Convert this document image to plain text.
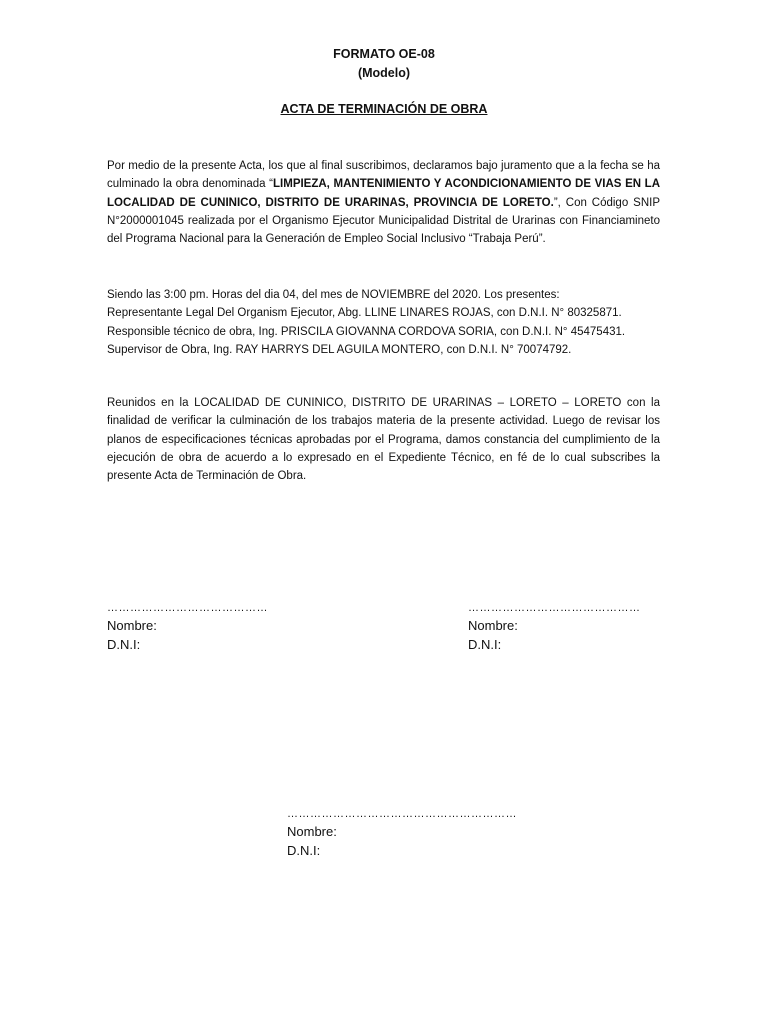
FORMATO OE-08
(Modelo)
ACTA DE TERMINACIÓN DE OBRA

Por medio de la presente Acta, los que al final suscribimos, declaramos bajo juramento que a la fecha se ha culminado la obra denominada “LIMPIEZA, MANTENIMIENTO Y ACONDICIONAMIENTO DE VIAS EN LA LOCALIDAD DE CUNINICO, DISTRITO DE URARINAS, PROVINCIA DE LORETO.”, Con Código SNIP N°2000001045 realizada por el Organismo Ejecutor Municipalidad Distrital de Urarinas con Financiamineto del Programa Nacional para la Generación de Empleo Social Inclusivo “Trabaja Perú”.

Siendo las 3:00 pm. Horas del dia 04, del mes de NOVIEMBRE del 2020. Los presentes:
Representante Legal Del Organism Ejecutor, Abg. LLINE LINARES ROJAS, con D.N.I. N° 80325871.
Responsible técnico de obra, Ing. PRISCILA GIOVANNA CORDOVA SORIA, con D.N.I. N° 45475431.
Supervisor de Obra, Ing. RAY HARRYS DEL AGUILA MONTERO, con D.N.I. N° 70074792.

Reunidos en la LOCALIDAD DE CUNINICO, DISTRITO DE URARINAS – LORETO – LORETO con la finalidad de verificar la culminación de los trabajos materia de la presente actividad. Luego de revisar los planos de especificaciones técnicas aprobadas por el Programa, damos constancia del cumplimiento de la ejecución de obra de acuerdo a lo expresado en el Expediente Técnico, en fé de lo cual subscribes la presente Acta de Terminación de Obra.

……………………………………
Nombre:
D.N.I:
………………………………………
Nombre:
D.N.I:
……………………………………………………
Nombre:
D.N.I:
